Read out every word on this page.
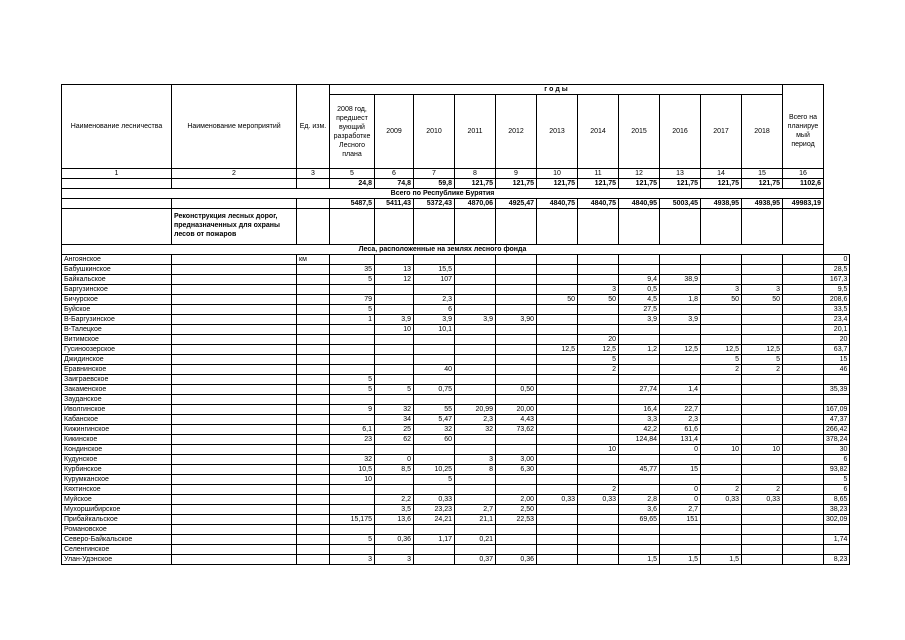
Наименование лесничества	Наименование мероприятий	Ед. изм.	г о д ы												
			2008 год, предшест вующий разработке Лесного плана	2009	2010	2011	2012	2013	2014	2015	2016	2017	2018	Всего на планируе мый период	
1	2	3	5	6	7	8	9	10	11	12	13	14	15	16	
			24,8	74,8	59,8	121,75	121,75	121,75	121,75	121,75	121,75	121,75	121,75	1102,6	
Всего по Республике Бурятия															
			5487,5	5411,43	5372,43	4870,06	4925,47	4840,75	4840,75	4840,95	5003,45	4938,95	4938,95	49983,19	
	Реконструкция лесных дорог, предназначенных для охраны лесов от пожаров														
Леса, расположенные на землях лесного фонда															
Ангоянское		км													0
Бабушкинское			35	13	15,5										28,5
Байкальское			5	12	107					9,4	38,9				167,3
Баргузинское									3	0,5		3	3		9,5
Бичурское			79		2,3			50	50	4,5	1,8	50	50		208,6
Буйское			5		6					27,5					33,5
В-Баргузинское			1	3,9	3,9	3,9	3,90			3,9	3,9				23,4
В-Талецкое				10	10,1										20,1
Витимское									20						20
Гусиноозерское								12,5	12,5	1,2	12,5	12,5	12,5		63,7
Джидинское									5			5	5		15
Еравнинское					40				2			2	2		46
Заиграевское			5												
Закаменское			5	5	0,75		0,50			27,74	1,4				35,39
Зауданское															
Иволгинское			9	32	55	20,99	20,00			16,4	22,7				167,09
Кабанское				34	5,47	2,3	4,43			3,3	2,3				47,37
Кижингинское			6,1	25	32	32	73,62			42,2	61,6				266,42
Кикинское			23	62	60					124,84	131,4				378,24
Кондинское									10		0	10	10		30
Кудунское			32	0		3	3,00								6
Курбинское			10,5	8,5	10,25	8	6,30			45,77	15				93,82
Курумканское			10		5										5
Кяхтинское									2		0	2	2		6
Муйское				2,2	0,33		2,00	0,33	0,33	2,8	0	0,33	0,33		8,65
Мухоршибирское				3,5	23,23	2,7	2,50			3,6	2,7				38,23
Прибайкальское			15,175	13,6	24,21	21,1	22,53			69,65	151				302,09
Романовское															
Северо-Байкальское			5	0,36	1,17	0,21									1,74
Селенгинское															
Улан-Удэнское			3	3		0,37	0,36			1,5	1,5	1,5			8,23
